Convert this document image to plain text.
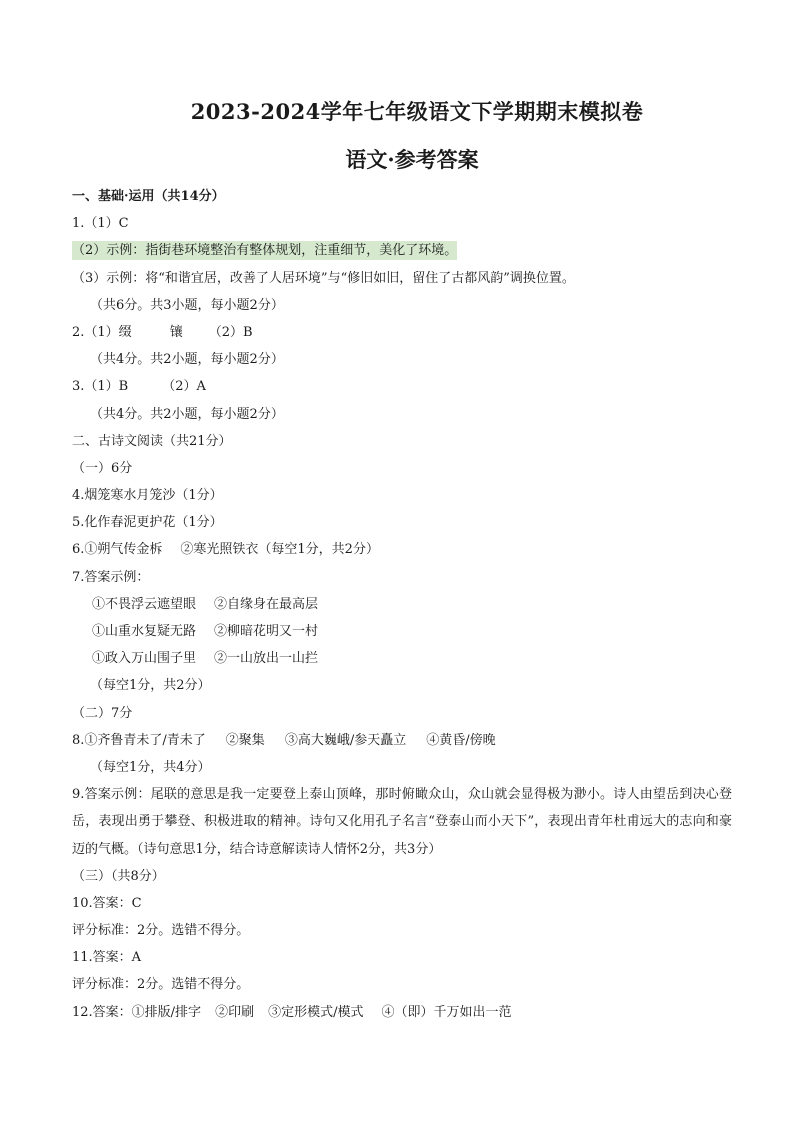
2023-2024学年七年级语文下学期期末模拟卷
语文·参考答案
一、基础·运用（共14分）
1.（1）C
（2）示例：指街巷环境整治有整体规划，注重细节，美化了环境。
（3）示例：将“和谐宜居，改善了人居环境”与“修旧如旧，留住了古都风韵”调换位置。
（共6分。共3小题，每小题2分）
2.（1）缀	镶 （2）B
（共4分。共2小题，每小题2分）
3.（1）B	（2）A
（共4分。共2小题，每小题2分）
二、古诗文阅读（共21分）
（一）6分
4.烟笼寒水月笼沙（1分）
5.化作春泥更护花（1分）
6.①朔气传金柝 ②寒光照铁衣（每空1分，共2分）
7.答案示例：
①不畏浮云遮望眼 ②自缘身在最高层
①山重水复疑无路 ②柳暗花明又一村
①政入万山围子里 ②一山放出一山拦
（每空1分，共2分）
（二）7分
8.①齐鲁青未了/青未了 ②聚集 ③高大巍峨/参天矗立 ④黄昏/傍晚
（每空1分，共4分）
9.答案示例：尾联的意思是我一定要登上泰山顶峰，那时俯瞰众山，众山就会显得极为渺小。诗人由望岳到决心登岳，表现出勇于攀登、积极进取的精神。诗句又化用孔子名言“登泰山而小天下”，表现出青年杜甫远大的志向和豪迈的气概。（诗句意思1分，结合诗意解读诗人情怀2分，共3分）
（三）（共8分）
10.答案：C
评分标准：2分。选错不得分。
11.答案：A
评分标准：2分。选错不得分。
12.答案：①排版/排字 ②印刷 ③定形模式/模式 ④（即）千万如出一范
